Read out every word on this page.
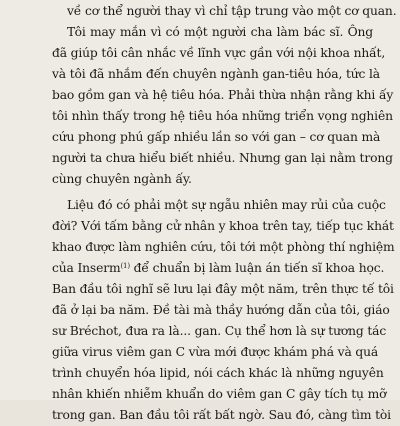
về cơ thể người thay vì chỉ tập trung vào một cơ quan.
Tôi may mắn vì có một người cha làm bác sĩ. Ông
đã giúp tôi cân nhắc về lĩnh vực gần với nội khoa nhất,
và tôi đã nhắm đến chuyên ngành gan-tiêu hóa, tức là
bao gồm gan và hệ tiêu hóa. Phải thừa nhận rằng khi ấy
tôi nhìn thấy trong hệ tiêu hóa những triển vọng nghiên
cứu phong phú gấp nhiều lần so với gan – cơ quan mà
người ta chưa hiểu biết nhiều. Nhưng gan lại nằm trong
cùng chuyên ngành ấy.
Liệu đó có phải một sự ngẫu nhiên may rủi của cuộc
đời? Với tấm bằng cử nhân y khoa trên tay, tiếp tục khát
khao được làm nghiên cứu, tôi tới một phòng thí nghiệm
của Inserm$^{(1)}$ để chuẩn bị làm luận án tiến sĩ khoa học.
Ban đầu tôi nghĩ sẽ lưu lại đây một năm, trên thực tế tôi
đã ở lại ba năm. Đề tài mà thầy hướng dẫn của tôi, giáo
sư Bréchot, đưa ra là... gan. Cụ thể hơn là sự tương tác
giữa virus viêm gan C vừa mới được khám phá và quá
trình chuyển hóa lipid, nói cách khác là những nguyên
nhân khiến nhiễm khuẩn do viêm gan C gây tích tụ mỡ
trong gan. Ban đầu tôi rất bất ngờ. Sau đó, càng tìm tòi
